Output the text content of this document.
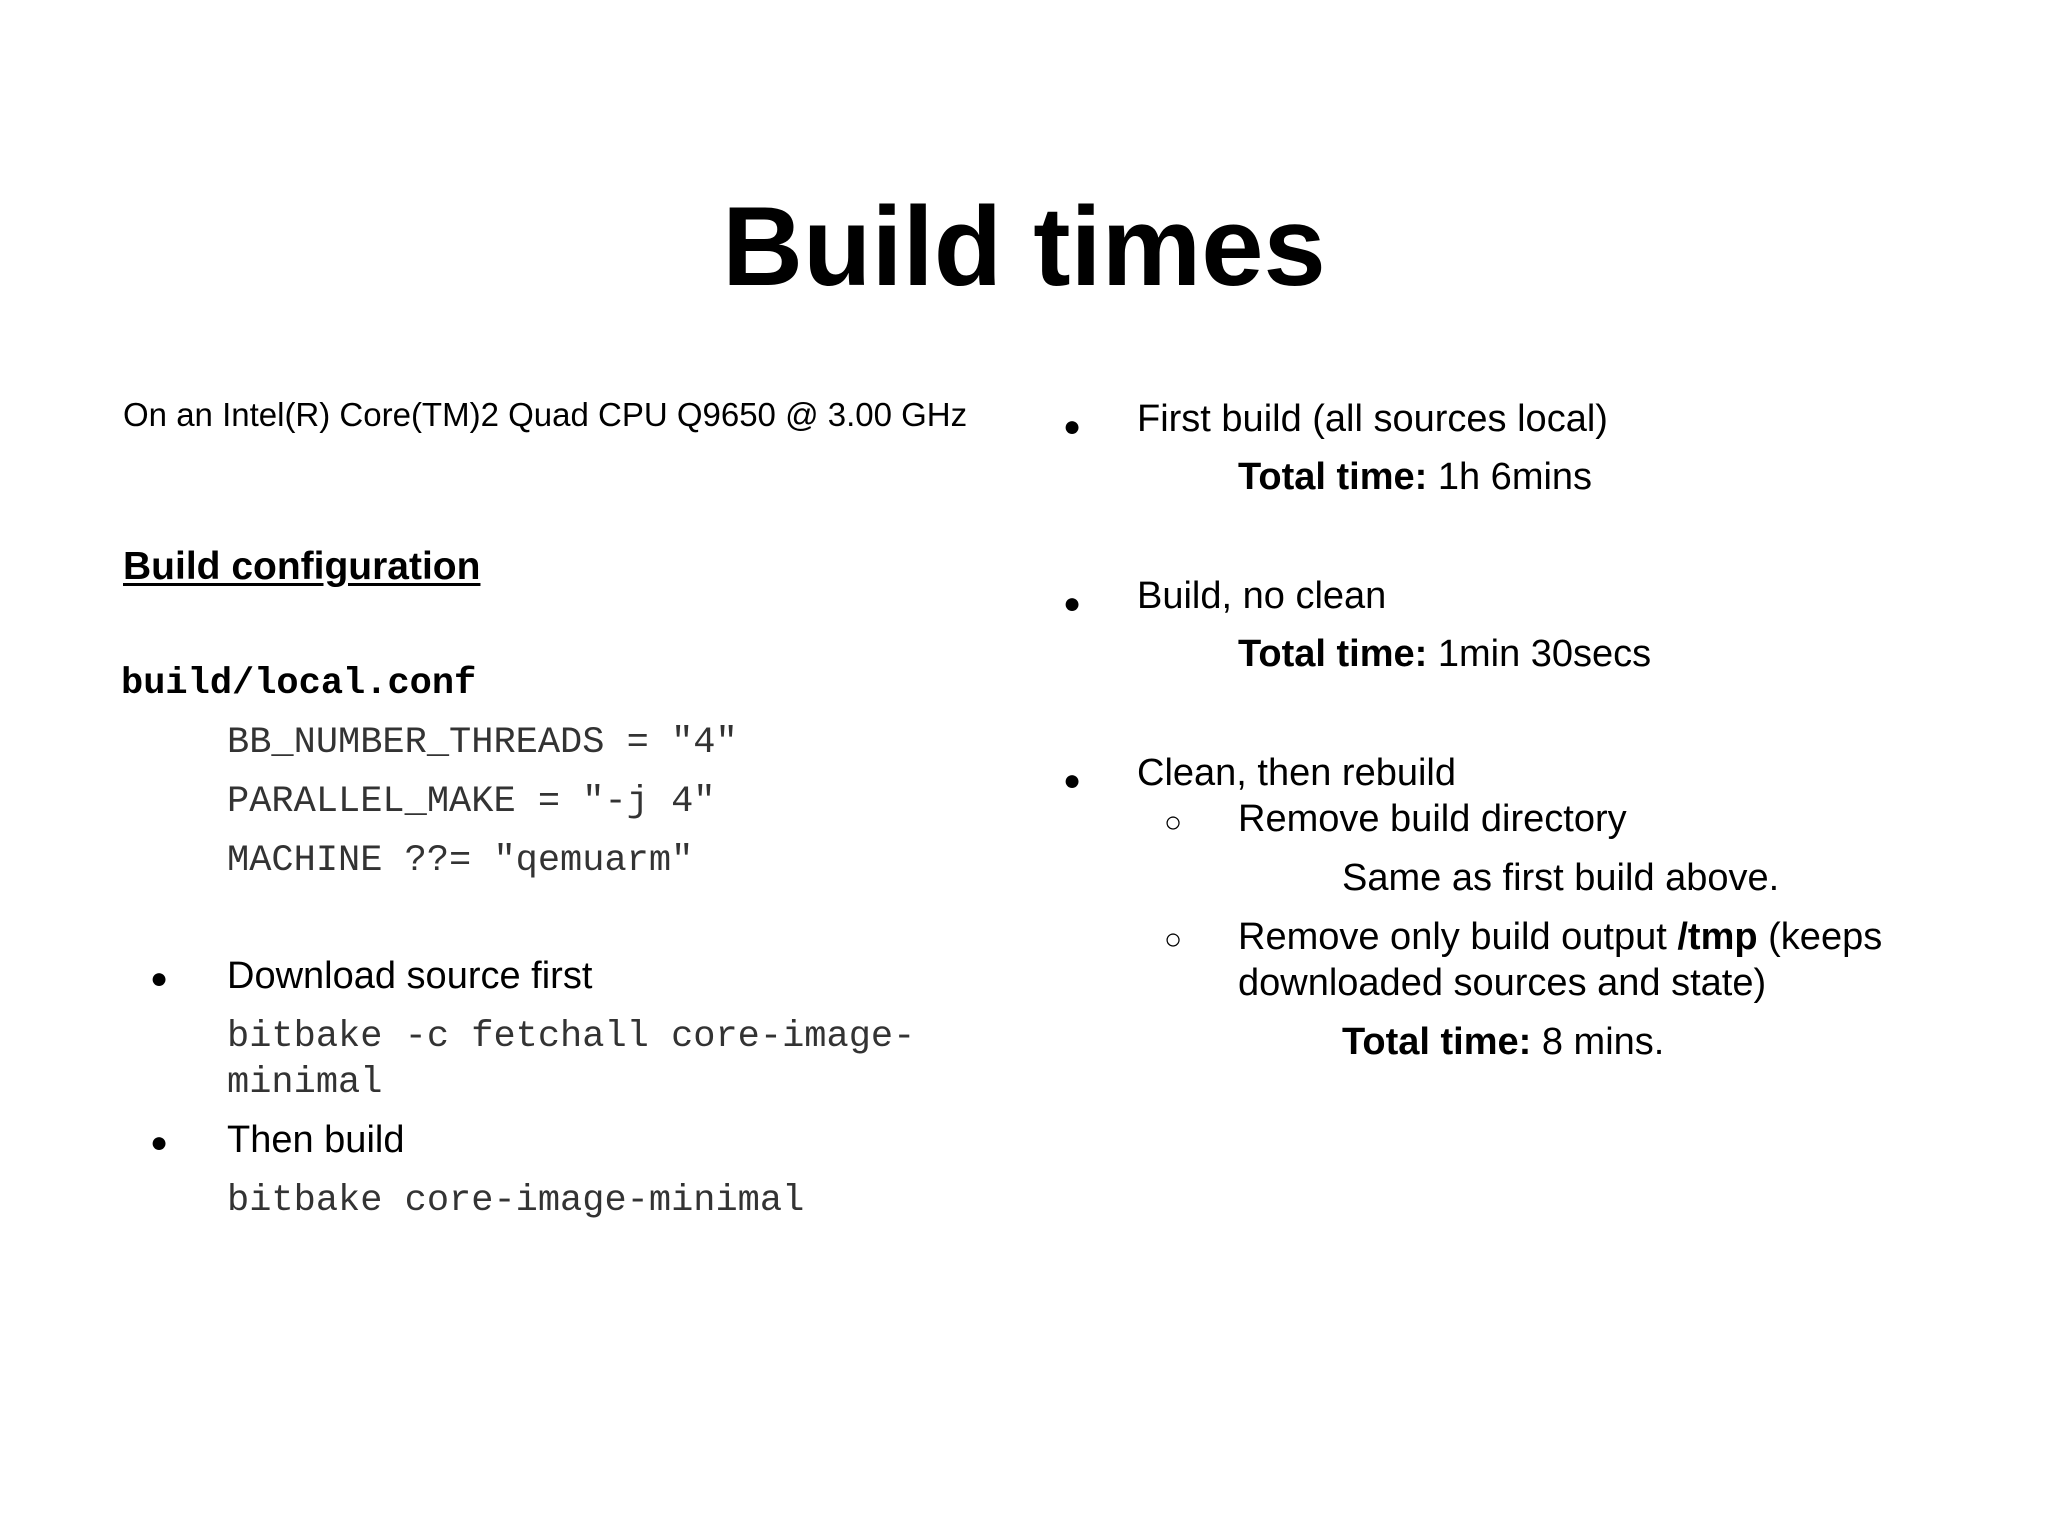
Build times
On an Intel(R) Core(TM)2 Quad CPU Q9650 @ 3.00 GHz
Build configuration
build/local.conf
BB_NUMBER_THREADS = "4"
PARALLEL_MAKE = "-j 4"
MACHINE ??= "qemuarm"
● Download source first
bitbake -c fetchall core-image-
minimal
● Then build
bitbake core-image-minimal
● First build (all sources local)
Total time: 1h 6mins
● Build, no clean
Total time: 1min 30secs
● Clean, then rebuild
○ Remove build directory
Same as first build above.
○ Remove only build output /tmp (keeps
downloaded sources and state)
Total time: 8 mins.
